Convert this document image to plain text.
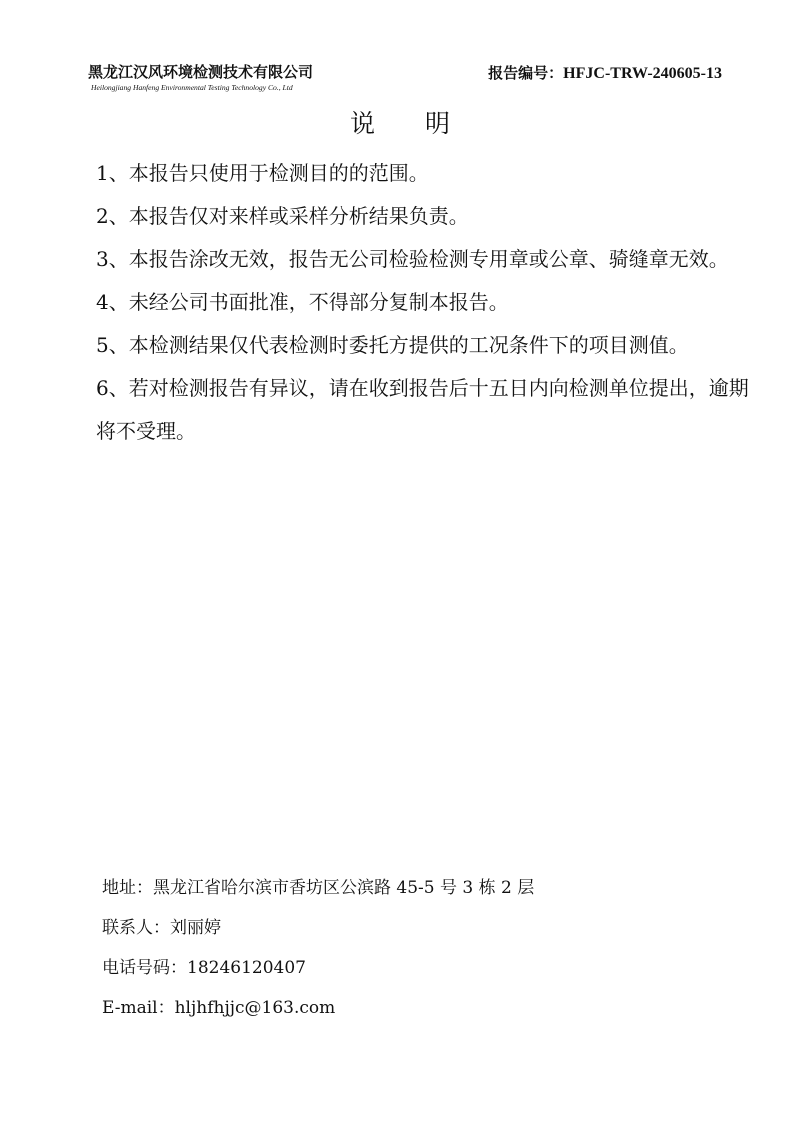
黑龙江汉风环境检测技术有限公司
Heilongjiang Hanfeng Environmental Testing Technology Co., Ltd
报告编号：HFJC-TRW-240605-13
说明
1、本报告只使用于检测目的的范围。
2、本报告仅对来样或采样分析结果负责。
3、本报告涂改无效，报告无公司检验检测专用章或公章、骑缝章无效。
4、未经公司书面批准，不得部分复制本报告。
5、本检测结果仅代表检测时委托方提供的工况条件下的项目测值。
6、若对检测报告有异议，请在收到报告后十五日内向检测单位提出，逾期将不受理。
地址：黑龙江省哈尔滨市香坊区公滨路 45-5 号 3 栋 2 层
联系人：刘丽婷
电话号码：18246120407
E-mail：hljhfhjjc@163.com
